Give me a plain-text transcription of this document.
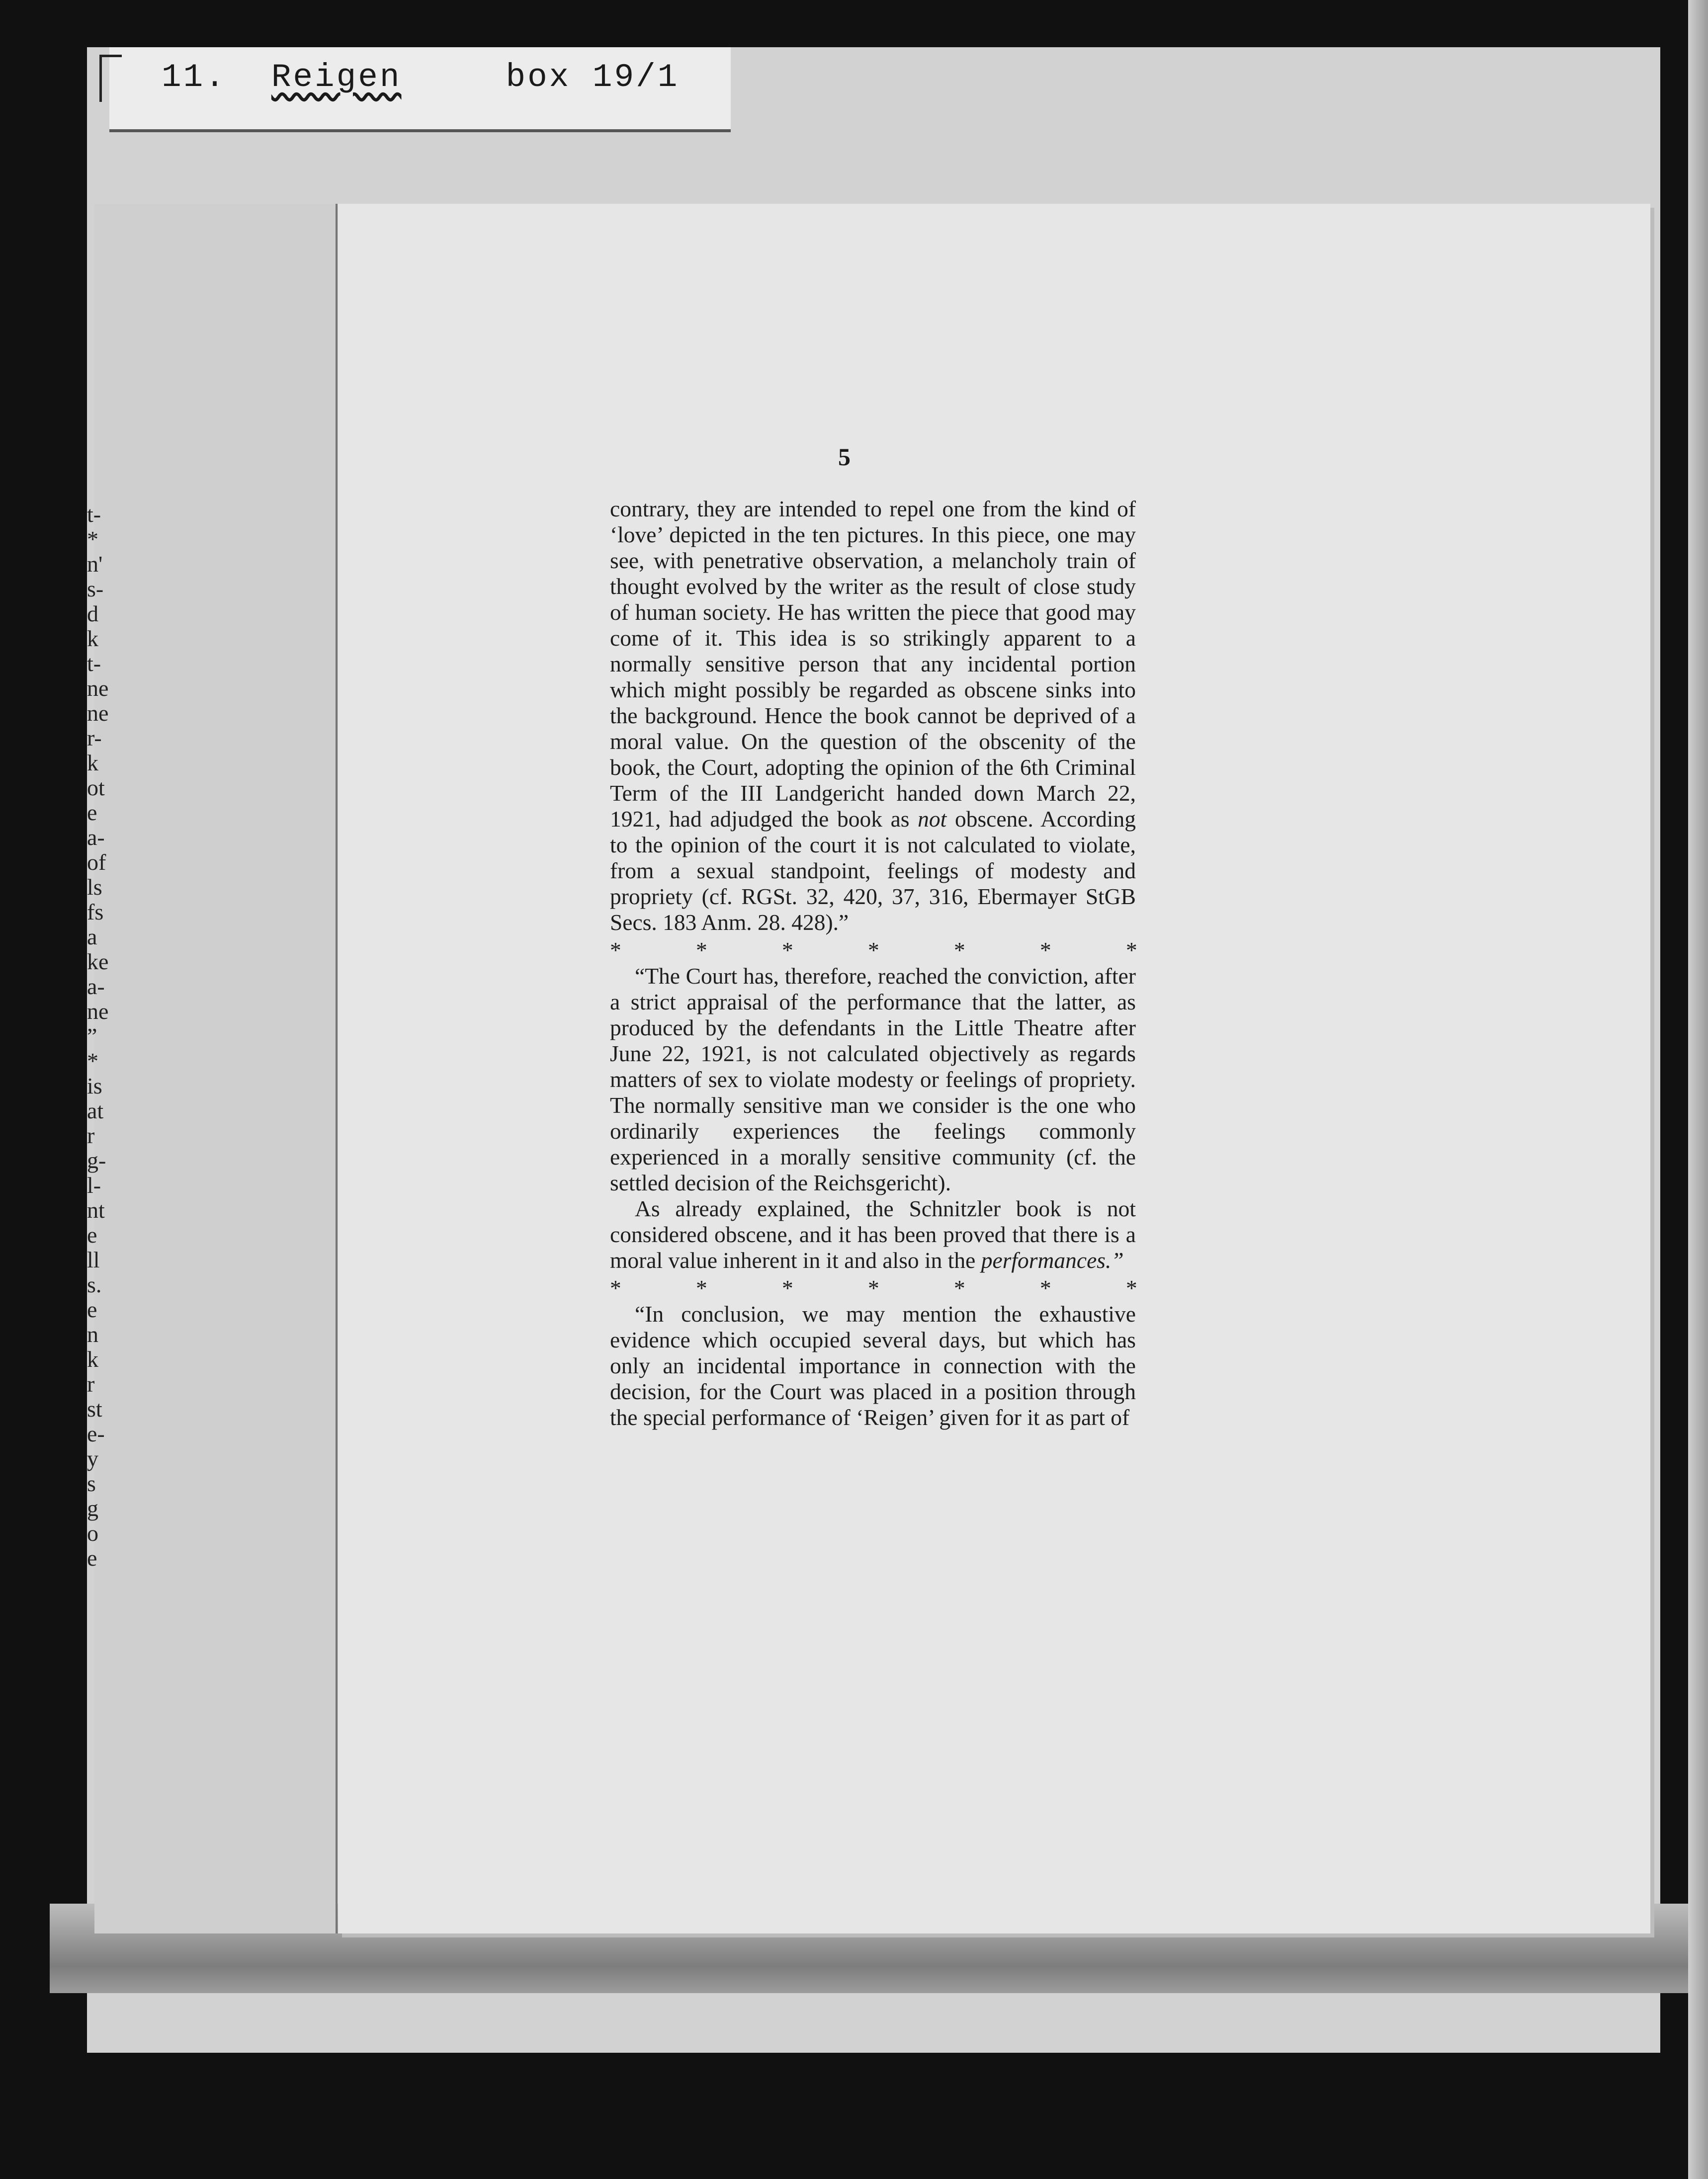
t-
*
n'
s-
d
k
t-
ne
ne
r-
k
ot
e
a-
of
ls
fs
a
ke
a-
ne
”
*
is
at
r
g-
l-
nt
e
ll
s.
e
n
k
r
st
e-
y
s
g
o
e
11. Reigen	box 19/1
5

contrary, they are intended to repel one from the kind of ‘love’ depicted in the ten pictures. In this piece, one may see, with penetrative observation, a melancholy train of thought evolved by the writer as the result of close study of human society. He has written the piece that good may come of it. This idea is so strikingly apparent to a normally sensitive person that any incidental portion which might possibly be regarded as obscene sinks into the background. Hence the book cannot be deprived of a moral value. On the question of the obscenity of the book, the Court, adopting the opinion of the 6th Criminal Term of the III Landgericht handed down March 22, 1921, had adjudged the book as not obscene. According to the opinion of the court it is not calculated to violate, from a sexual standpoint, feelings of modesty and propriety (cf. RGSt. 32, 420, 37, 316, Ebermayer StGB Secs. 183 Anm. 28. 428).”

*	*	*	*	*	*	*

“The Court has, therefore, reached the conviction, after a strict appraisal of the performance that the latter, as produced by the defendants in the Little Theatre after June 22, 1921, is not calculated objectively as regards matters of sex to violate modesty or feelings of propriety. The normally sensitive man we consider is the one who ordinarily experiences the feelings commonly experienced in a morally sensitive community (cf. the settled decision of the Reichsgericht).

As already explained, the Schnitzler book is not considered obscene, and it has been proved that there is a moral value inherent in it and also in the performances.”

*	*	*	*	*	*	*

“In conclusion, we may mention the exhaustive evidence which occupied several days, but which has only an incidental importance in connection with the decision, for the Court was placed in a position through the special performance of ‘Reigen’ given for it as part of
